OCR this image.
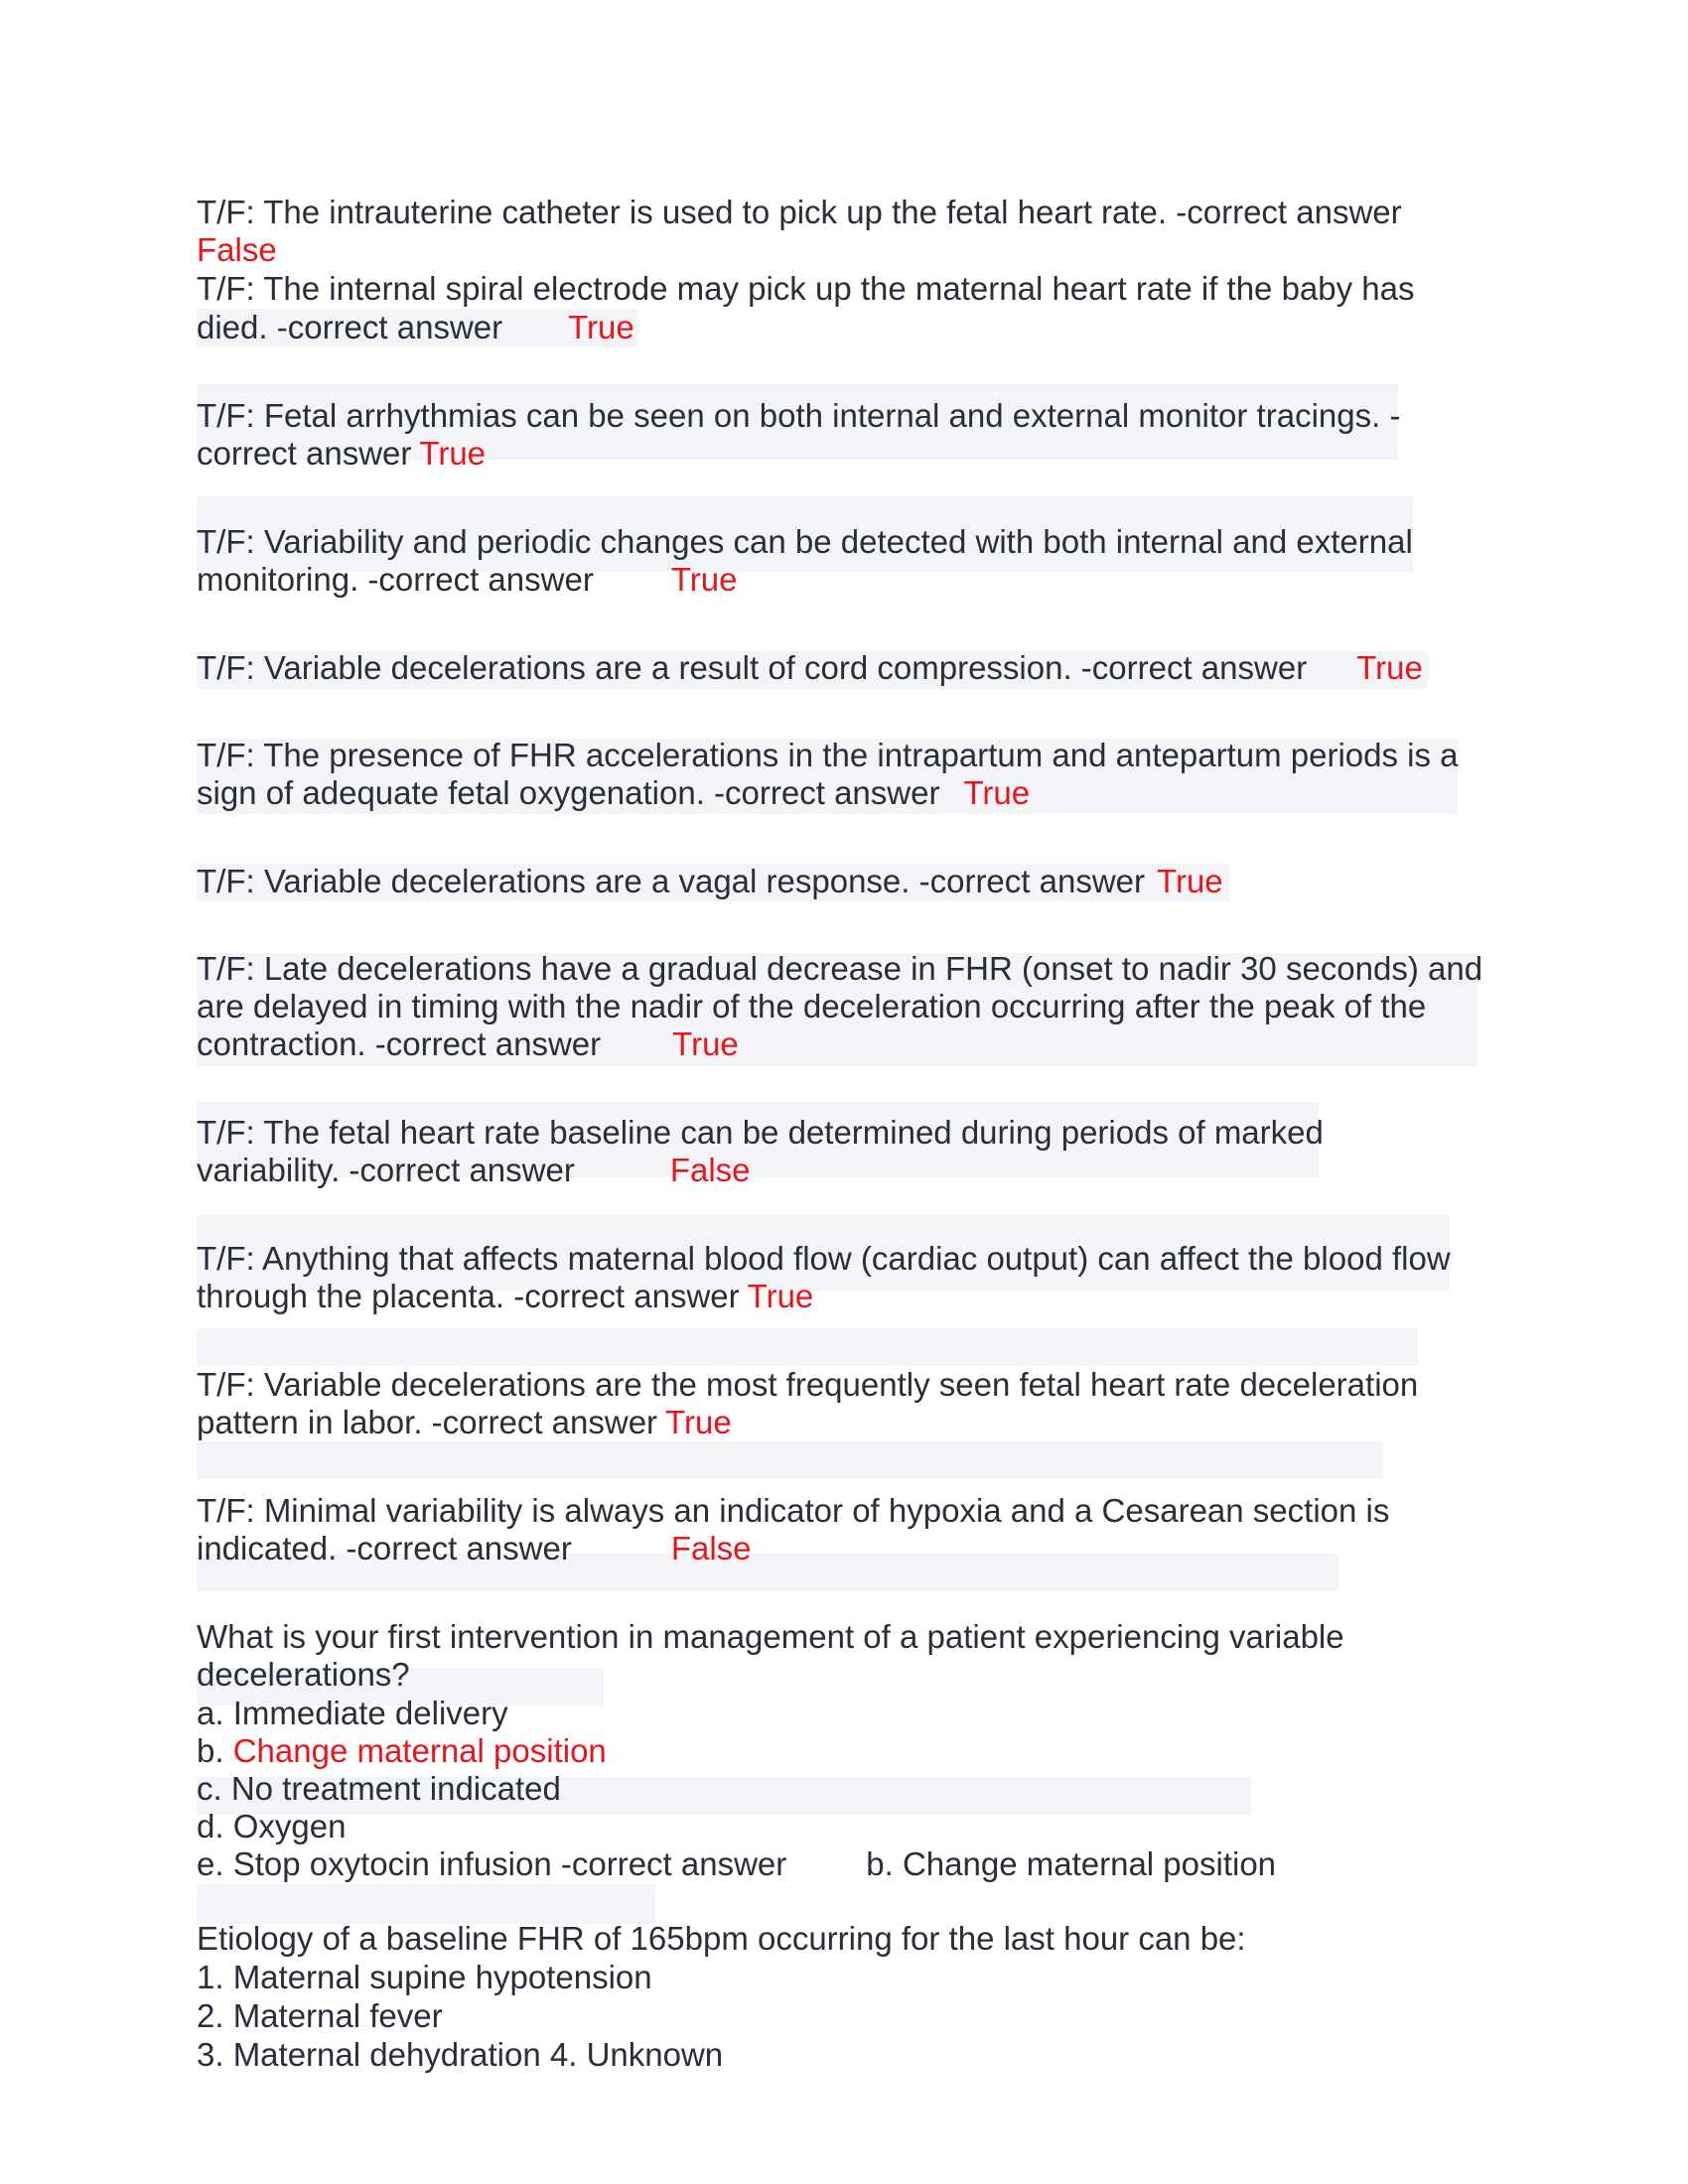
T/F: The intrauterine catheter is used to pick up the fetal heart rate. -correct answer
False
T/F: The internal spiral electrode may pick up the maternal heart rate if the baby has
died. -correct answer True
T/F: Fetal arrhythmias can be seen on both internal and external monitor tracings. -
correct answer True
T/F: Variability and periodic changes can be detected with both internal and external
monitoring. -correct answer True
T/F: Variable decelerations are a result of cord compression. -correct answer True
T/F: The presence of FHR accelerations in the intrapartum and antepartum periods is a
sign of adequate fetal oxygenation. -correct answer True
T/F: Variable decelerations are a vagal response. -correct answer True
T/F: Late decelerations have a gradual decrease in FHR (onset to nadir 30 seconds) and
are delayed in timing with the nadir of the deceleration occurring after the peak of the
contraction. -correct answer True
T/F: The fetal heart rate baseline can be determined during periods of marked
variability. -correct answer	False
T/F: Anything that affects maternal blood flow (cardiac output) can affect the blood flow
through the placenta. -correct answer True
T/F: Variable decelerations are the most frequently seen fetal heart rate deceleration
pattern in labor. -correct answer True
T/F: Minimal variability is always an indicator of hypoxia and a Cesarean section is
indicated. -correct answer	False
What is your first intervention in management of a patient experiencing variable
decelerations?
a. Immediate delivery
b. Change maternal position
c. No treatment indicated
d. Oxygen
e. Stop oxytocin infusion -correct answer b. Change maternal position
Etiology of a baseline FHR of 165bpm occurring for the last hour can be:
1. Maternal supine hypotension
2. Maternal fever
3. Maternal dehydration 4. Unknown
